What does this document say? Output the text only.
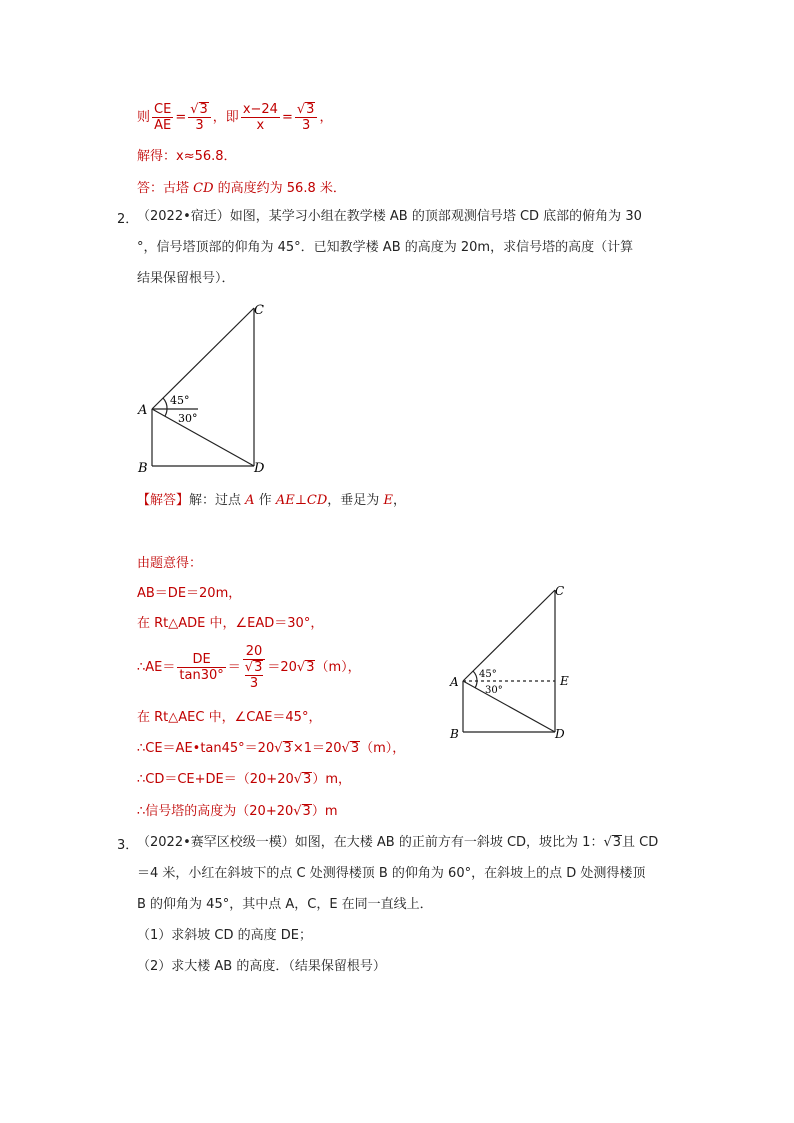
则 $\frac{CE}{AE} = \frac{√3}{3}$ ，即 $\frac{x-24}{x} = \frac{√3}{3}$ ，
解得：x≈56.8．
答：古塔 CD 的高度约为 56.8 米．
2．
（2022•宿迁）如图，某学习小组在教学楼 AB 的顶部观测信号塔 CD 底部的俯角为 30
°，信号塔顶部的仰角为 45°．已知教学楼 AB 的高度为 20m，求信号塔的高度（计算
结果保留根号）．
A
B
C
D
45°
30°
【解答】解：过点 A 作 AE⊥CD，垂足为 E，
由题意得：
AB＝DE＝20m，
在 Rt△ADE 中，∠EAD＝30°，
∴AE＝ $\frac{DE}{\tan 30^\circ} = 20$
√3
3 ＝20√3（m），
在 Rt△AEC 中，∠CAE＝45°，
∴CE＝AE•tan45°＝20√3×1＝20√3（m），
∴CD＝CE+DE＝（20+20√3）m，
∴信号塔的高度为（20+20√3）m
A
B
C
D
E
45°
30°
3．
（2022•赛罕区校级一模）如图，在大楼 AB 的正前方有一斜坡 CD，坡比为 1：√3且 CD
＝4 米，小红在斜坡下的点 C 处测得楼顶 B 的仰角为 60°，在斜坡上的点 D 处测得楼顶
B 的仰角为 45°，其中点 A，C，E 在同一直线上．
（1）求斜坡 CD 的高度 DE；
（2）求大楼 AB 的高度．（结果保留根号）
